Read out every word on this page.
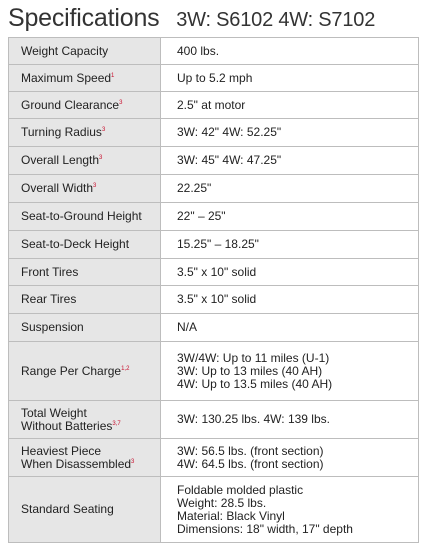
Specifications 3W: S6102 4W: S7102
Weight Capacity	400 lbs.
Maximum Speed$^1$	Up to 5.2 mph
Ground Clearance$^3$	2.5" at motor
Turning Radius$^3$	3W: 42" 4W: 52.25"
Overall Length$^3$	3W: 45" 4W: 47.25"
Overall Width$^3$	22.25"
Seat-to-Ground Height	22" – 25"
Seat-to-Deck Height	15.25" – 18.25"
Front Tires	3.5" x 10" solid
Rear Tires	3.5" x 10" solid
Suspension	N/A
Range Per Charge$^{1,2}$	3W/4W: Up to 11 miles (U-1)
3W: Up to 13 miles (40 AH)
4W: Up to 13.5 miles (40 AH)

Total Weight
Without Batteries$^{3,7}$	3W: 130.25 lbs. 4W: 139 lbs.

Heaviest Piece
When Disassembled$^3$	3W: 56.5 lbs. (front section)
4W: 64.5 lbs. (front section)

Standard Seating	Foldable molded plastic
Weight: 28.5 lbs.
Material: Black Vinyl
Dimensions: 18" width, 17" depth
